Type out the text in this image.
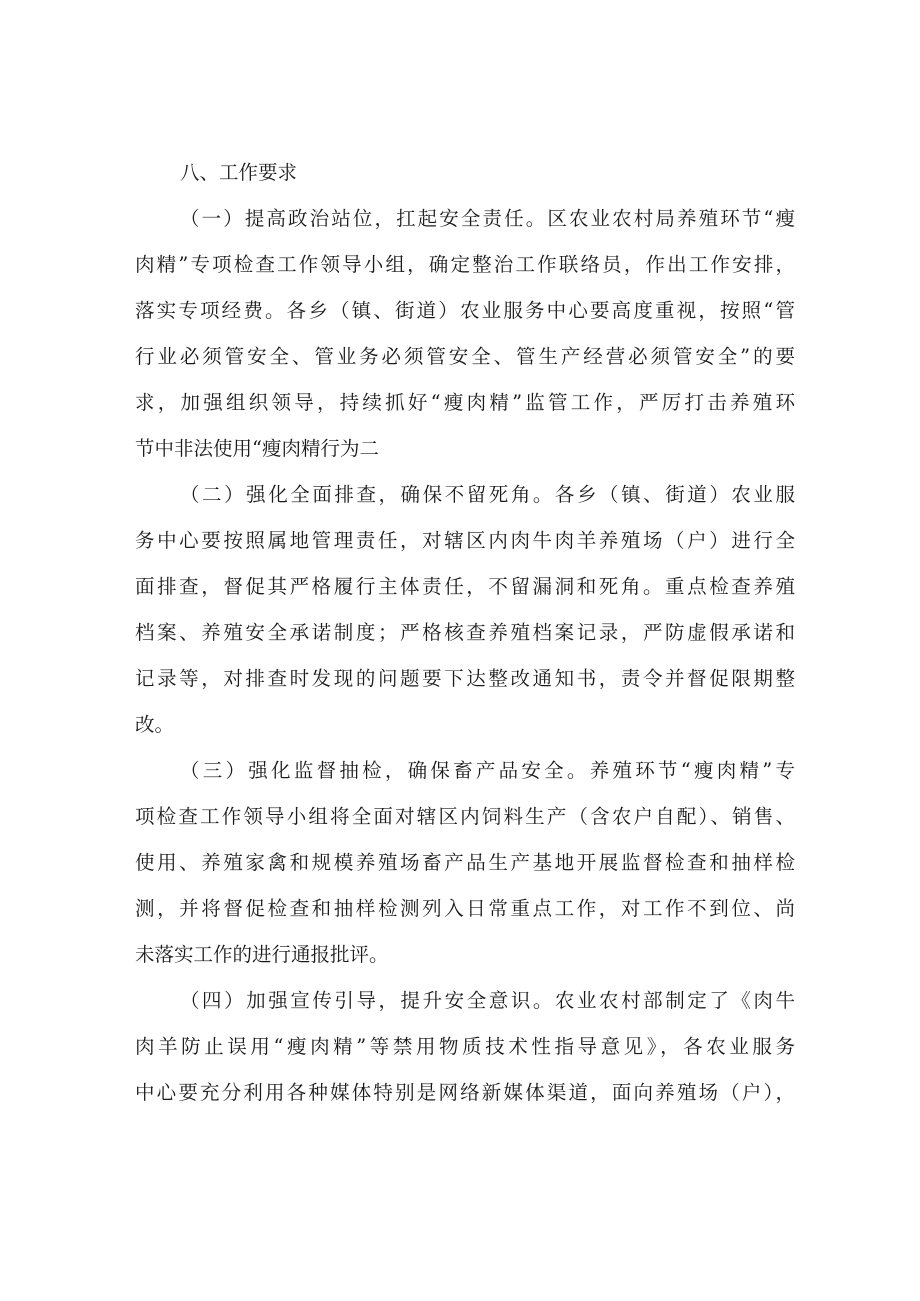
八、工作要求

（一）提高政治站位，扛起安全责任。区农业农村局养殖环节“瘦
肉精”专项检查工作领导小组，确定整治工作联络员，作出工作安排，
落实专项经费。各乡（镇、街道）农业服务中心要高度重视，按照“管
行业必须管安全、管业务必须管安全、管生产经营必须管安全”的要
求，加强组织领导，持续抓好“瘦肉精”监管工作，严厉打击养殖环
节中非法使用“瘦肉精行为二

（二）强化全面排查，确保不留死角。各乡（镇、街道）农业服
务中心要按照属地管理责任，对辖区内肉牛肉羊养殖场（户）进行全
面排查，督促其严格履行主体责任，不留漏洞和死角。重点检查养殖
档案、养殖安全承诺制度；严格核查养殖档案记录，严防虚假承诺和
记录等，对排查时发现的问题要下达整改通知书，责令并督促限期整
改。

（三）强化监督抽检，确保畜产品安全。养殖环节“瘦肉精”专
项检查工作领导小组将全面对辖区内饲料生产（含农户自配）、销售、
使用、养殖家禽和规模养殖场畜产品生产基地开展监督检查和抽样检
测，并将督促检查和抽样检测列入日常重点工作，对工作不到位、尚
未落实工作的进行通报批评。

（四）加强宣传引导，提升安全意识。农业农村部制定了《肉牛
肉羊防止误用“瘦肉精”等禁用物质技术性指导意见》，各农业服务
中心要充分利用各种媒体特别是网络新媒体渠道，面向养殖场（户），
